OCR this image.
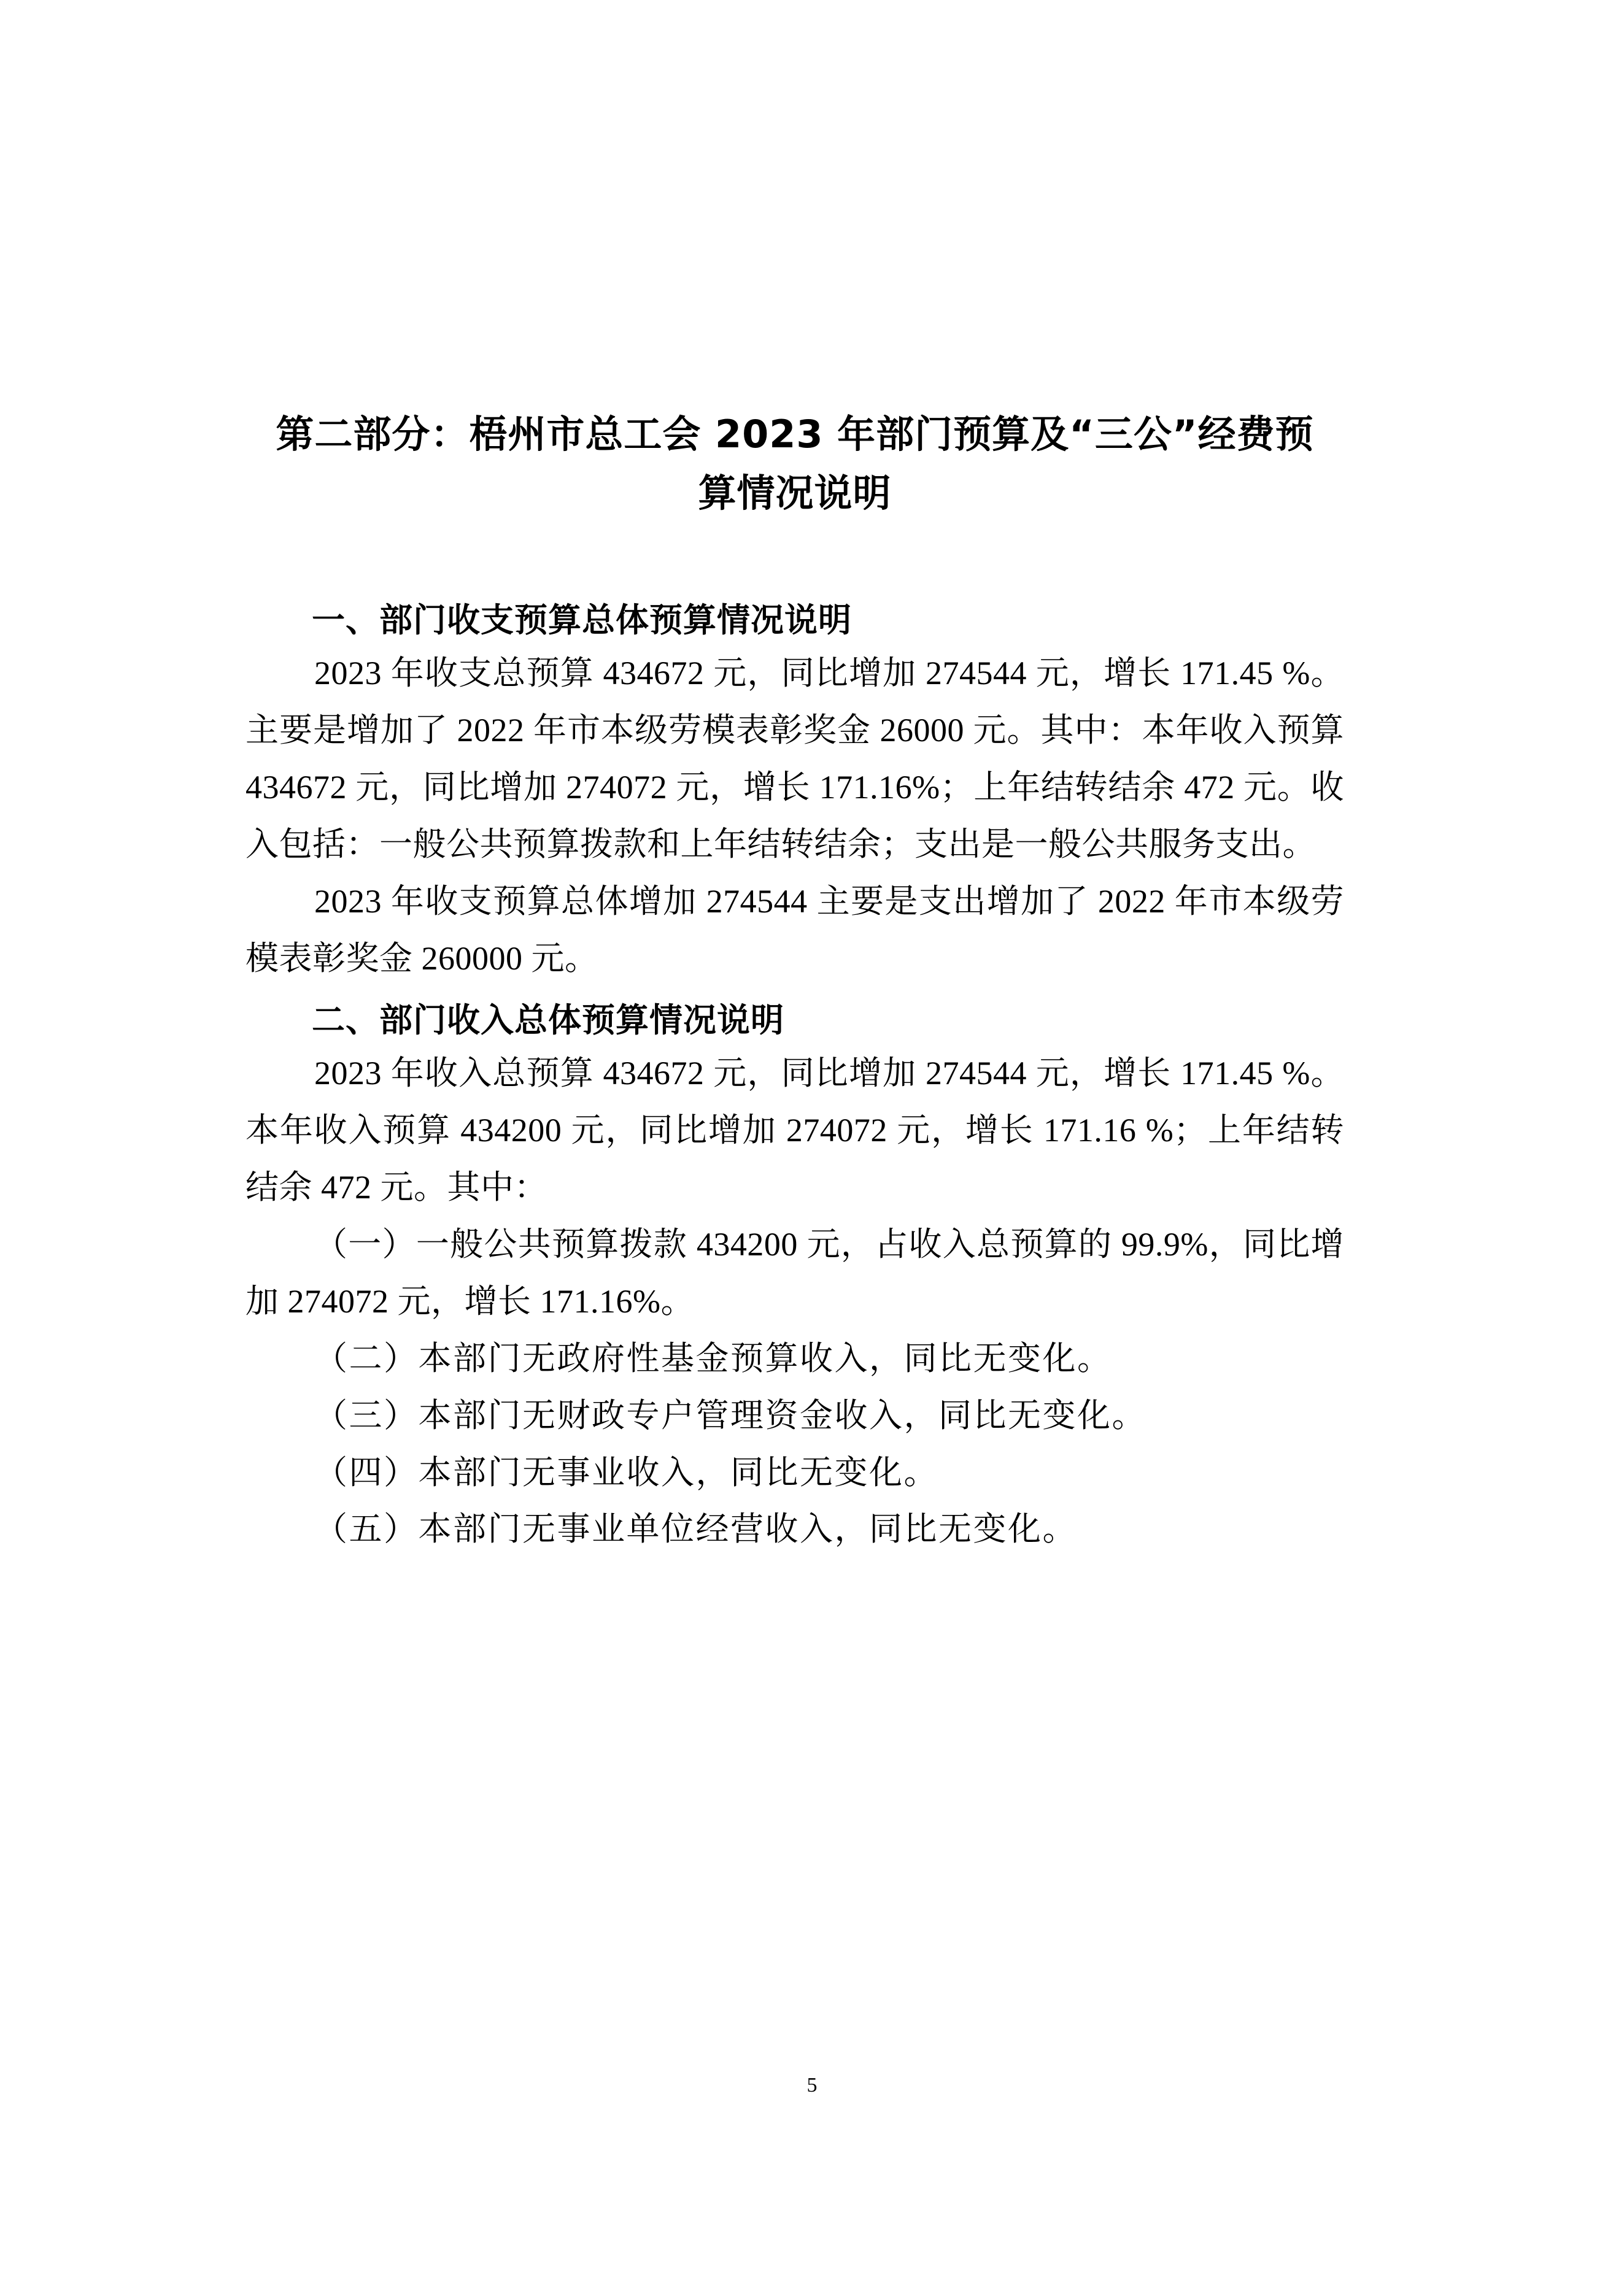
第二部分：梧州市总工会 2023 年部门预算及“三公”经费预算情况说明
一、部门收支预算总体预算情况说明

2023 年收支总预算 434672 元，同比增加 274544 元，增长 171.45 %。主要是增加了 2022 年市本级劳模表彰奖金 26000 元。其中：本年收入预算 434672 元，同比增加 274072 元，增长 171.16%；上年结转结余 472 元。收入包括：一般公共预算拨款和上年结转结余；支出是一般公共服务支出。

2023 年收支预算总体增加 274544 主要是支出增加了 2022 年市本级劳模表彰奖金 260000 元。

二、部门收入总体预算情况说明

2023 年收入总预算 434672 元，同比增加 274544 元，增长 171.45 %。本年收入预算 434200 元，同比增加 274072 元，增长 171.16 %；上年结转结余 472 元。其中：

（一）一般公共预算拨款 434200 元，占收入总预算的 99.9%，同比增加 274072 元，增长 171.16%。

（二）本部门无政府性基金预算收入，同比无变化。

（三）本部门无财政专户管理资金收入，同比无变化。

（四）本部门无事业收入，同比无变化。

（五）本部门无事业单位经营收入，同比无变化。

5
